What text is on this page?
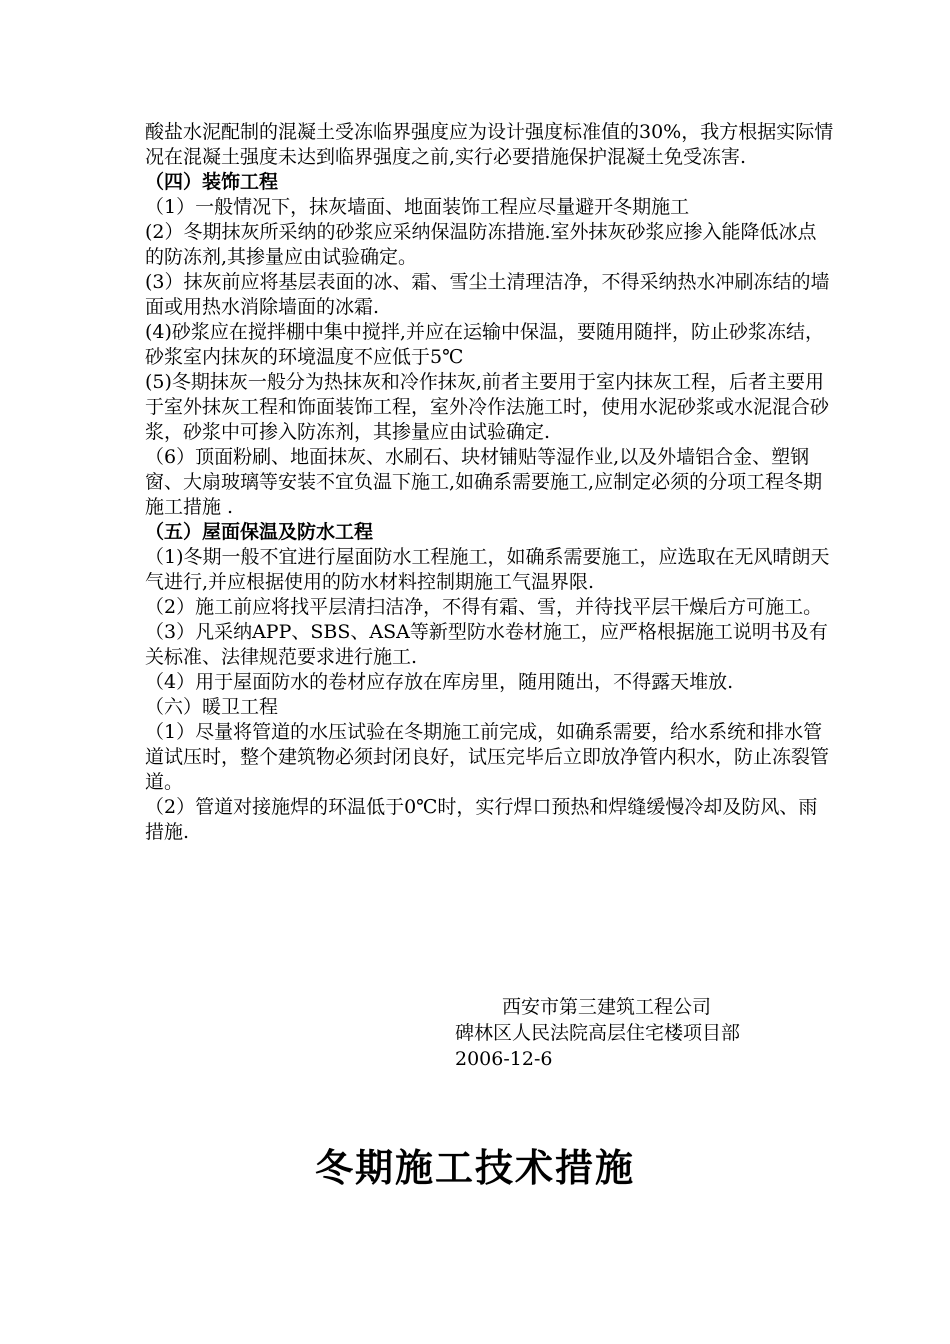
酸盐水泥配制的混凝土受冻临界强度应为设计强度标准值的30%，我方根据实际情况在混凝土强度未达到临界强度之前,实行必要措施保护混凝土免受冻害.

（四）装饰工程

（1）一般情况下，抹灰墙面、地面装饰工程应尽量避开冬期施工

(2）冬期抹灰所采纳的砂浆应采纳保温防冻措施.室外抹灰砂浆应掺入能降低冰点的防冻剂,其掺量应由试验确定。

(3）抹灰前应将基层表面的冰、霜、雪尘土清理洁净，不得采纳热水冲刷冻结的墙面或用热水消除墙面的冰霜.

(4)砂浆应在搅拌棚中集中搅拌,并应在运输中保温，要随用随拌，防止砂浆冻结，砂浆室内抹灰的环境温度不应低于5℃

(5)冬期抹灰一般分为热抹灰和冷作抹灰,前者主要用于室内抹灰工程，后者主要用于室外抹灰工程和饰面装饰工程，室外冷作法施工时，使用水泥砂浆或水泥混合砂浆，砂浆中可掺入防冻剂，其掺量应由试验确定.

（6）顶面粉刷、地面抹灰、水刷石、块材铺贴等湿作业,以及外墙铝合金、塑钢窗、大扇玻璃等安装不宜负温下施工,如确系需要施工,应制定必须的分项工程冬期施工措施 .

（五）屋面保温及防水工程

（1)冬期一般不宜进行屋面防水工程施工，如确系需要施工，应选取在无风晴朗天气进行,并应根据使用的防水材料控制期施工气温界限.

（2）施工前应将找平层清扫洁净，不得有霜、雪，并待找平层干燥后方可施工。

（3）凡采纳APP、SBS、ASA等新型防水卷材施工，应严格根据施工说明书及有关标准、法律规范要求进行施工.

（4）用于屋面防水的卷材应存放在库房里，随用随出，不得露天堆放.

（六）暖卫工程

（1）尽量将管道的水压试验在冬期施工前完成，如确系需要，给水系统和排水管道试压时，整个建筑物必须封闭良好，试压完毕后立即放净管内积水，防止冻裂管道。

（2）管道对接施焊的环温低于0℃时，实行焊口预热和焊缝缓慢冷却及防风、雨措施.

西安市第三建筑工程公司
碑林区人民法院高层住宅楼项目部
2006-12-6
冬期施工技术措施
